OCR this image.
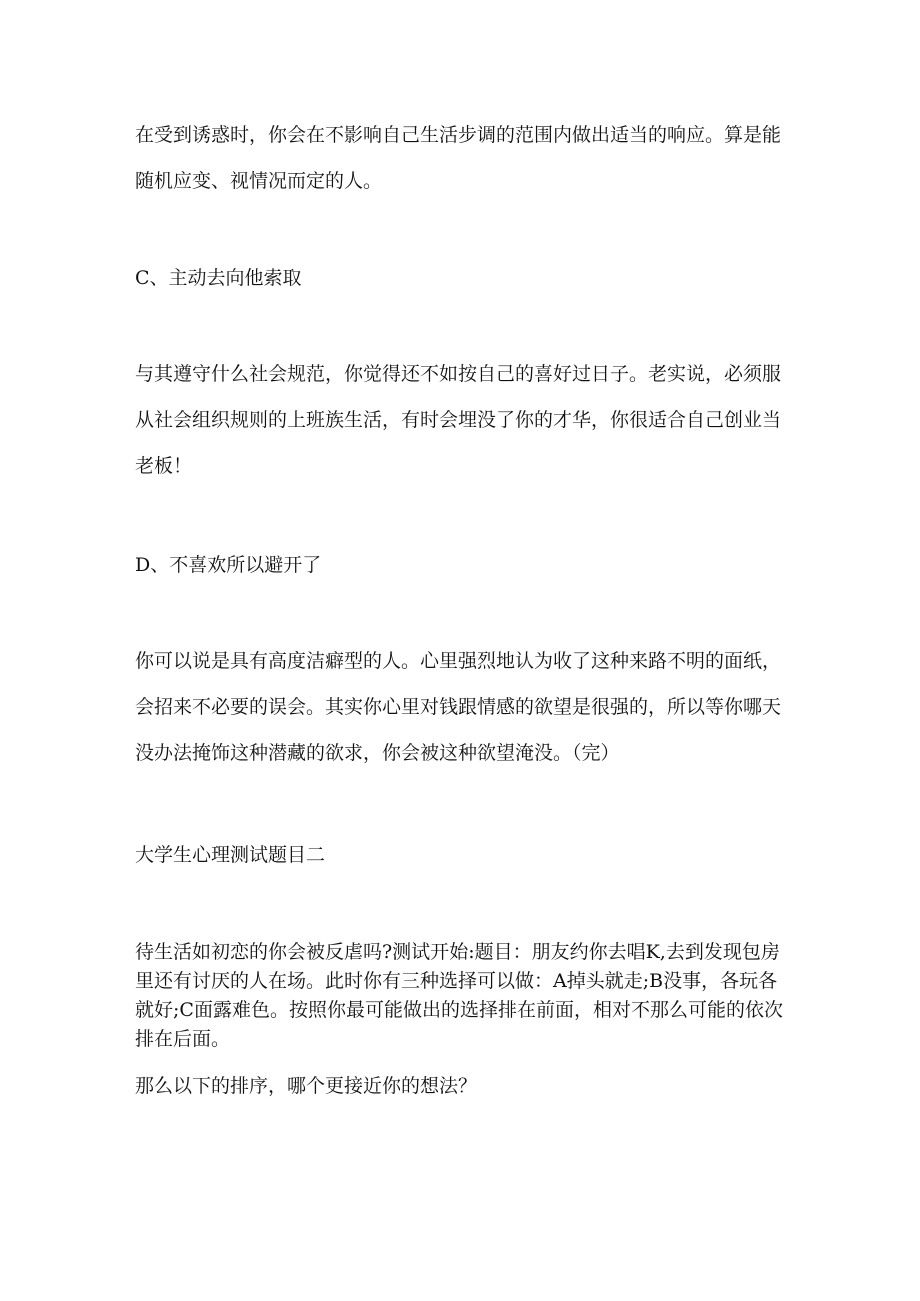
在受到诱惑时，你会在不影响自己生活步调的范围内做出适当的响应。算是能随机应变、视情况而定的人。

C、主动去向他索取

与其遵守什么社会规范，你觉得还不如按自己的喜好过日子。老实说，必须服从社会组织规则的上班族生活，有时会埋没了你的才华，你很适合自己创业当老板！

D、不喜欢所以避开了

你可以说是具有高度洁癖型的人。心里强烈地认为收了这种来路不明的面纸，会招来不必要的误会。其实你心里对钱跟情感的欲望是很强的，所以等你哪天没办法掩饰这种潜藏的欲求，你会被这种欲望淹没。（完）

大学生心理测试题目二

待生活如初恋的你会被反虐吗?测试开始:题目：朋友约你去唱K,去到发现包房里还有讨厌的人在场。此时你有三种选择可以做：A掉头就走;B没事，各玩各就好;C面露难色。按照你最可能做出的选择排在前面，相对不那么可能的依次排在后面。

那么以下的排序，哪个更接近你的想法？
